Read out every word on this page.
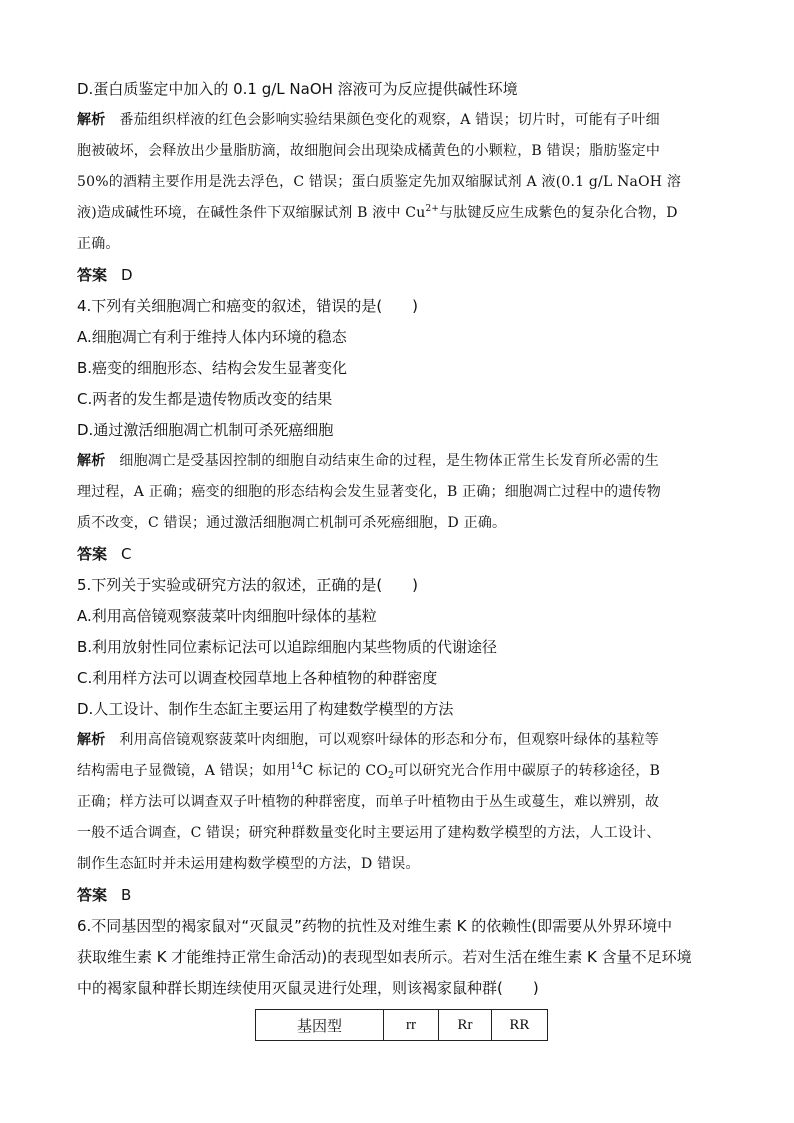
D.蛋白质鉴定中加入的 0.1 g/L NaOH 溶液可为反应提供碱性环境

解析 番茄组织样液的红色会影响实验结果颜色变化的观察，A 错误；切片时，可能有子叶细

胞被破坏，会释放出少量脂肪滴，故细胞间会出现染成橘黄色的小颗粒，B 错误；脂肪鉴定中

50%的酒精主要作用是洗去浮色，C 错误；蛋白质鉴定先加双缩脲试剂 A 液(0.1 g/L NaOH 溶

液)造成碱性环境，在碱性条件下双缩脲试剂 B 液中 $Cu^{2+}$与肽键反应生成紫色的复杂化合物，D

正确。

答案 D

4.下列有关细胞凋亡和癌变的叙述，错误的是(　　)

A.细胞凋亡有利于维持人体内环境的稳态

B.癌变的细胞形态、结构会发生显著变化

C.两者的发生都是遗传物质改变的结果

D.通过激活细胞凋亡机制可杀死癌细胞

解析 细胞凋亡是受基因控制的细胞自动结束生命的过程，是生物体正常生长发育所必需的生

理过程，A 正确；癌变的细胞的形态结构会发生显著变化，B 正确；细胞凋亡过程中的遗传物

质不改变，C 错误；通过激活细胞凋亡机制可杀死癌细胞，D 正确。

答案 C

5.下列关于实验或研究方法的叙述，正确的是(　　)

A.利用高倍镜观察菠菜叶肉细胞叶绿体的基粒

B.利用放射性同位素标记法可以追踪细胞内某些物质的代谢途径

C.利用样方法可以调查校园草地上各种植物的种群密度

D.人工设计、制作生态缸主要运用了构建数学模型的方法

解析 利用高倍镜观察菠菜叶肉细胞，可以观察叶绿体的形态和分布，但观察叶绿体的基粒等

结构需电子显微镜，A 错误；如用$^{14}$C 标记的 $CO_2$可以研究光合作用中碳原子的转移途径，B

正确；样方法可以调查双子叶植物的种群密度，而单子叶植物由于丛生或蔓生，难以辨别，故

一般不适合调查，C 错误；研究种群数量变化时主要运用了建构数学模型的方法，人工设计、

制作生态缸时并未运用建构数学模型的方法，D 错误。

答案 B

6.不同基因型的褐家鼠对“灭鼠灵”药物的抗性及对维生素 K 的依赖性(即需要从外界环境中

获取维生素 K 才能维持正常生命活动)的表现型如表所示。若对生活在维生素 K 含量不足环境

中的褐家鼠种群长期连续使用灭鼠灵进行处理，则该褐家鼠种群(　　)

基因型	rr	Rr	RR
